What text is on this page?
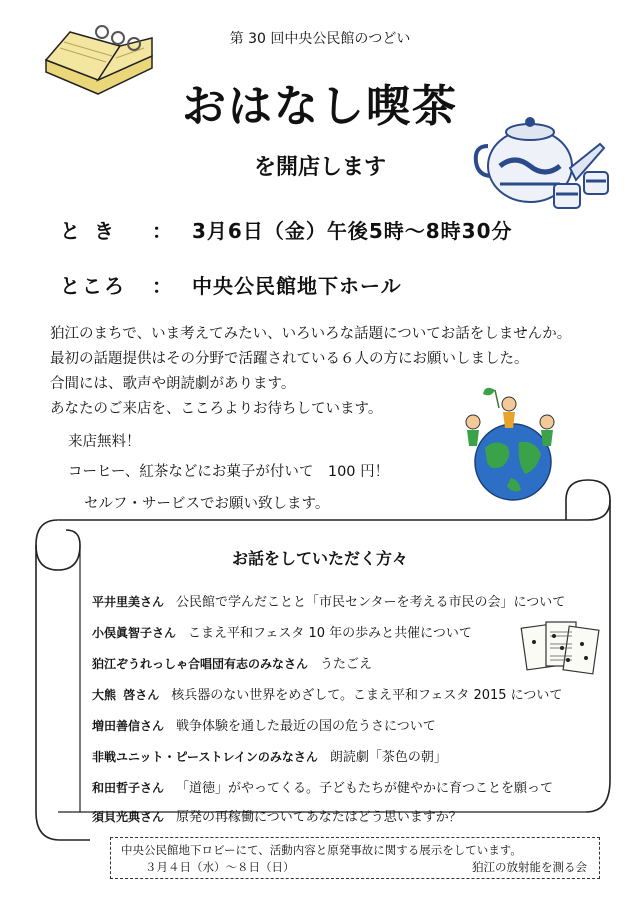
第 30 回中央公民館のつどい
おはなし喫茶
を開店します
とき ： 3月6日（金）午後5時〜8時30分
ところ ： 中央公民館地下ホール
狛江のまちで、いま考えてみたい、いろいろな話題についてお話をしませんか。
最初の話題提供はその分野で活躍されている６人の方にお願いしました。
合間には、歌声や朗読劇があります。
あなたのご来店を、こころよりお待ちしています。
来店無料！
コーヒー、紅茶などにお菓子が付いて　100 円！
セルフ・サービスでお願い致します。
お話をしていただく方々
平井里美さん 公民館で学んだことと「市民センターを考える市民の会」について
小俣眞智子さん こまえ平和フェスタ 10 年の歩みと共催について
狛江ぞうれっしゃ合唱団有志のみなさん うたごえ
大熊 啓さん 核兵器のない世界をめざして。こまえ平和フェスタ 2015 について
増田善信さん 戦争体験を通した最近の国の危うさについて
非戦ユニット・ピーストレインのみなさん 朗読劇「茶色の朝」
和田哲子さん 「道徳」がやってくる。子どもたちが健やかに育つことを願って
須貝光典さん 原発の再稼働についてあなたはどう思いますか？
中央公民館地下ロビーにて、活動内容と原発事故に関する展示をしています。
３月４日（水）〜８日（日）	狛江の放射能を測る会
